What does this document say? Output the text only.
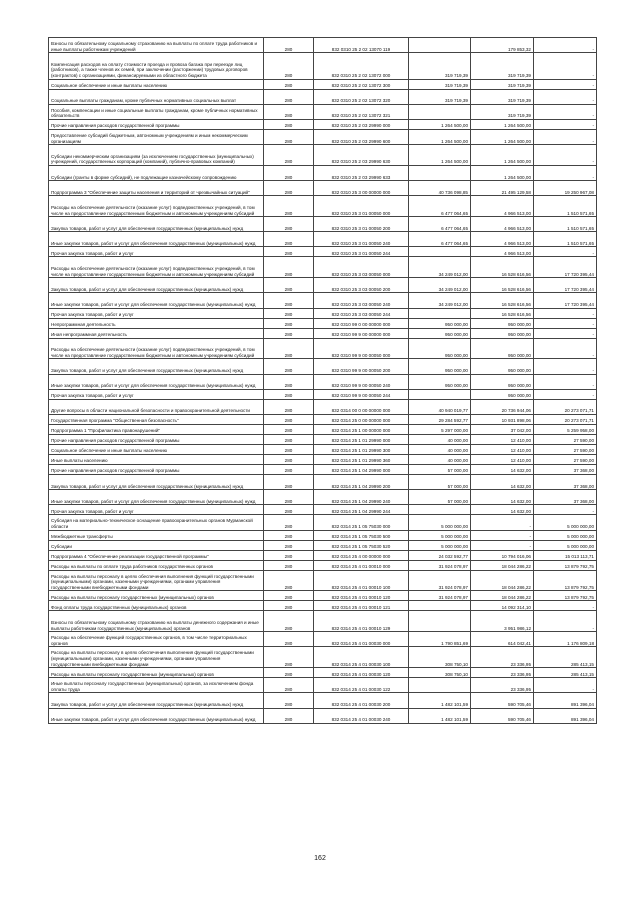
Взносы по обязательному социальному страхованию на выплаты по оплате труда работников и иные выплаты работникам учреждений	280	832 0310 25 2 02 13070 119		179 853,32	-
Компенсация расходов на оплату стоимости проезда и провоза багажа при переезде лиц (работников), а также членов их семей, при заключении (расторжении) трудовых договоров (контрактов) с организациями, финансируемыми из областного бюджета	280	832 0310 25 2 02 13072 000	319 719,39	319 719,39	-
Социальное обеспечение и иные выплаты населению	280	832 0310 25 2 02 13072 300	319 719,39	319 719,39	-
Социальные выплаты гражданам, кроме публичных нормативных социальных выплат	280	832 0310 25 2 02 13072 320	319 719,39	319 719,39	-
Пособия, компенсации и иные социальные выплаты гражданам, кроме публичных нормативных обязательств	280	832 0310 25 2 02 13072 321		319 719,39	-
Прочие направления расходов государственной программы	280	832 0310 25 2 03 29990 000	1 264 500,00	1 264 500,00	-
Предоставление субсидий бюджетным, автономным учреждениям и иным некоммерческим организациям	280	832 0310 25 2 03 29990 600	1 264 500,00	1 264 500,00	-
Субсидии некоммерческим организациям (за исключением государственных (муниципальных) учреждений, государственных корпораций (компаний), публично-правовых компаний)	280	832 0310 25 2 03 29990 630	1 264 500,00	1 264 500,00	-
Субсидии (гранты в форме субсидий), не подлежащие казначейскому сопровождению	280	832 0310 25 2 03 29990 633		1 264 500,00	-
Подпрограмма 3 "Обеспечение защиты населения и территорий от чрезвычайных ситуаций"	280	832 0310 25 3 00 00000 000	40 736 098,85	21 495 129,58	19 250 967,08
Расходы на обеспечение деятельности (оказание услуг) подведомственных учреждений, в том числе на предоставление государственным бюджетным и автономным учреждениям субсидий	280	832 0310 25 3 01 00050 000	6 477 064,65	4 966 513,00	1 510 571,65
Закупка товаров, работ и услуг для обеспечения государственных (муниципальных) нужд	280	832 0310 25 3 01 00050 200	6 477 064,65	4 966 513,00	1 510 571,65
Иные закупки товаров, работ и услуг для обеспечения государственных (муниципальных) нужд	280	832 0310 25 3 01 00050 240	6 477 064,65	4 966 513,00	1 510 571,65
Прочая закупка товаров, работ и услуг	280	832 0310 25 3 01 00050 244		4 966 513,00	-
Расходы на обеспечение деятельности (оказание услуг) подведомственных учреждений, в том числе на предоставление государственным бюджетным и автономным учреждениям субсидий	280	832 0310 25 3 03 00050 000	34 249 012,00	16 528 616,56	17 720 395,44
Закупка товаров, работ и услуг для обеспечения государственных (муниципальных) нужд	280	832 0310 25 3 03 00050 200	34 249 012,00	16 528 616,56	17 720 395,44
Иные закупки товаров, работ и услуг для обеспечения государственных (муниципальных) нужд	280	832 0310 25 3 03 00050 240	34 249 012,00	16 528 616,56	17 720 395,44
Прочая закупка товаров, работ и услуг	280	832 0310 25 3 03 00050 244		16 528 616,56	-
Непрограммная деятельность	280	832 0310 99 0 00 00000 000	950 000,00	950 000,00	-
Иная непрограммная деятельность	280	832 0310 99 9 00 00000 000	950 000,00	950 000,00	-
Расходы на обеспечение деятельности (оказание услуг) подведомственных учреждений, в том числе на предоставление государственным бюджетным и автономным учреждениям субсидий	280	832 0310 99 9 00 00050 000	950 000,00	950 000,00	-
Закупка товаров, работ и услуг для обеспечения государственных (муниципальных) нужд	280	832 0310 99 9 00 00050 200	950 000,00	950 000,00	-
Иные закупки товаров, работ и услуг для обеспечения государственных (муниципальных) нужд	280	832 0310 99 9 00 00050 240	950 000,00	950 000,00	-
Прочая закупка товаров, работ и услуг	280	832 0310 99 9 00 00050 244		950 000,00	-
Другие вопросы в области национальной безопасности и правоохранительной деятельности	280	832 0314 00 0 00 00000 000	40 940 019,77	20 736 944,06	20 273 071,71
Государственная программа "Общественная безопасность"	280	832 0314 25 0 00 00000 000	29 284 592,77	10 931 898,06	20 273 071,71
Подпрограмма 1 "Профилактика правонарушений"	280	832 0314 25 1 00 00000 000	5 297 000,00	37 042,00	5 259 958,00
Прочие направления расходов государственной программы	280	832 0314 25 1 01 29990 000	40 000,00	12 410,00	27 590,00
Социальное обеспечение и иные выплаты населению	280	832 0314 25 1 01 29990 300	40 000,00	12 410,00	27 590,00
Иные выплаты населению	280	832 0314 25 1 01 29990 360	40 000,00	12 410,00	27 590,00
Прочие направления расходов государственной программы	280	832 0314 25 1 04 29990 000	57 000,00	14 632,00	37 368,00
Закупка товаров, работ и услуг для обеспечения государственных (муниципальных) нужд	280	832 0314 25 1 04 29990 200	57 000,00	14 632,00	37 368,00
Иные закупки товаров, работ и услуг для обеспечения государственных (муниципальных) нужд	280	832 0314 25 1 04 29990 240	57 000,00	14 632,00	37 368,00
Прочая закупка товаров, работ и услуг	280	832 0314 25 1 04 29990 244		14 632,00	-
Субсидия на материально-техническое оснащение правоохранительных органов Мурманской области	280	832 0314 25 1 05 75030 000	5 000 000,00	-	5 000 000,00
Межбюджетные трансферты	280	832 0314 25 1 05 75030 500	5 000 000,00	-	5 000 000,00
Субсидии	280	832 0314 25 1 05 75030 520	5 000 000,00	-	5 000 000,00
Подпрограмма 4 "Обеспечение реализации государственной программы"	280	832 0314 25 4 00 00000 000	24 032 592,77	10 794 016,06	15 013 113,71
Расходы на выплаты по оплате труда работников государственных органов	280	832 0314 25 4 01 00010 000	31 924 078,97	18 044 286,22	13 879 792,75
Расходы на выплаты персоналу в целях обеспечения выполнения функций государственными (муниципальными) органами, казенными учреждениями, органами управления государственными внебюджетными фондами	280	832 0314 25 4 01 00010 100	31 924 078,97	18 044 286,22	13 879 792,75
Расходы на выплаты персоналу государственных (муниципальных) органов	280	832 0314 25 4 01 00010 120	31 924 078,97	18 044 286,22	13 879 792,75
Фонд оплаты труда государственных (муниципальных) органов	280	832 0314 25 4 01 00010 121		14 092 314,10	-
Взносы по обязательному социальному страхованию на выплаты денежного содержания и иные выплаты работникам государственных (муниципальных) органов	280	832 0314 25 4 01 00010 129		3 951 986,12	-
Расходы на обеспечение функций государственных органов, в том числе территориальных органов	280	832 0314 25 4 01 00030 000	1 790 851,69	614 042,41	1 176 809,18
Расходы на выплаты персоналу в целях обеспечения выполнения функций государственными (муниципальными) органами, казенными учреждениями, органами управления государственными внебюджетными фондами	280	832 0314 25 4 01 00030 100	308 750,10	23 336,95	285 413,15
Расходы на выплаты персоналу государственных (муниципальных) органов	280	832 0314 25 4 01 00030 120	308 750,10	23 336,95	285 413,15
Иные выплаты персоналу государственных (муниципальных) органов, за исключением фонда оплаты труда	280	832 0314 25 4 01 00030 122		23 336,95	-
Закупка товаров, работ и услуг для обеспечения государственных (муниципальных) нужд	280	832 0314 25 4 01 00030 200	1 482 101,59	590 705,46	891 396,04
Иные закупки товаров, работ и услуг для обеспечения государственных (муниципальных) нужд	280	832 0314 25 4 01 00030 240	1 482 101,59	590 705,46	891 396,04
162
